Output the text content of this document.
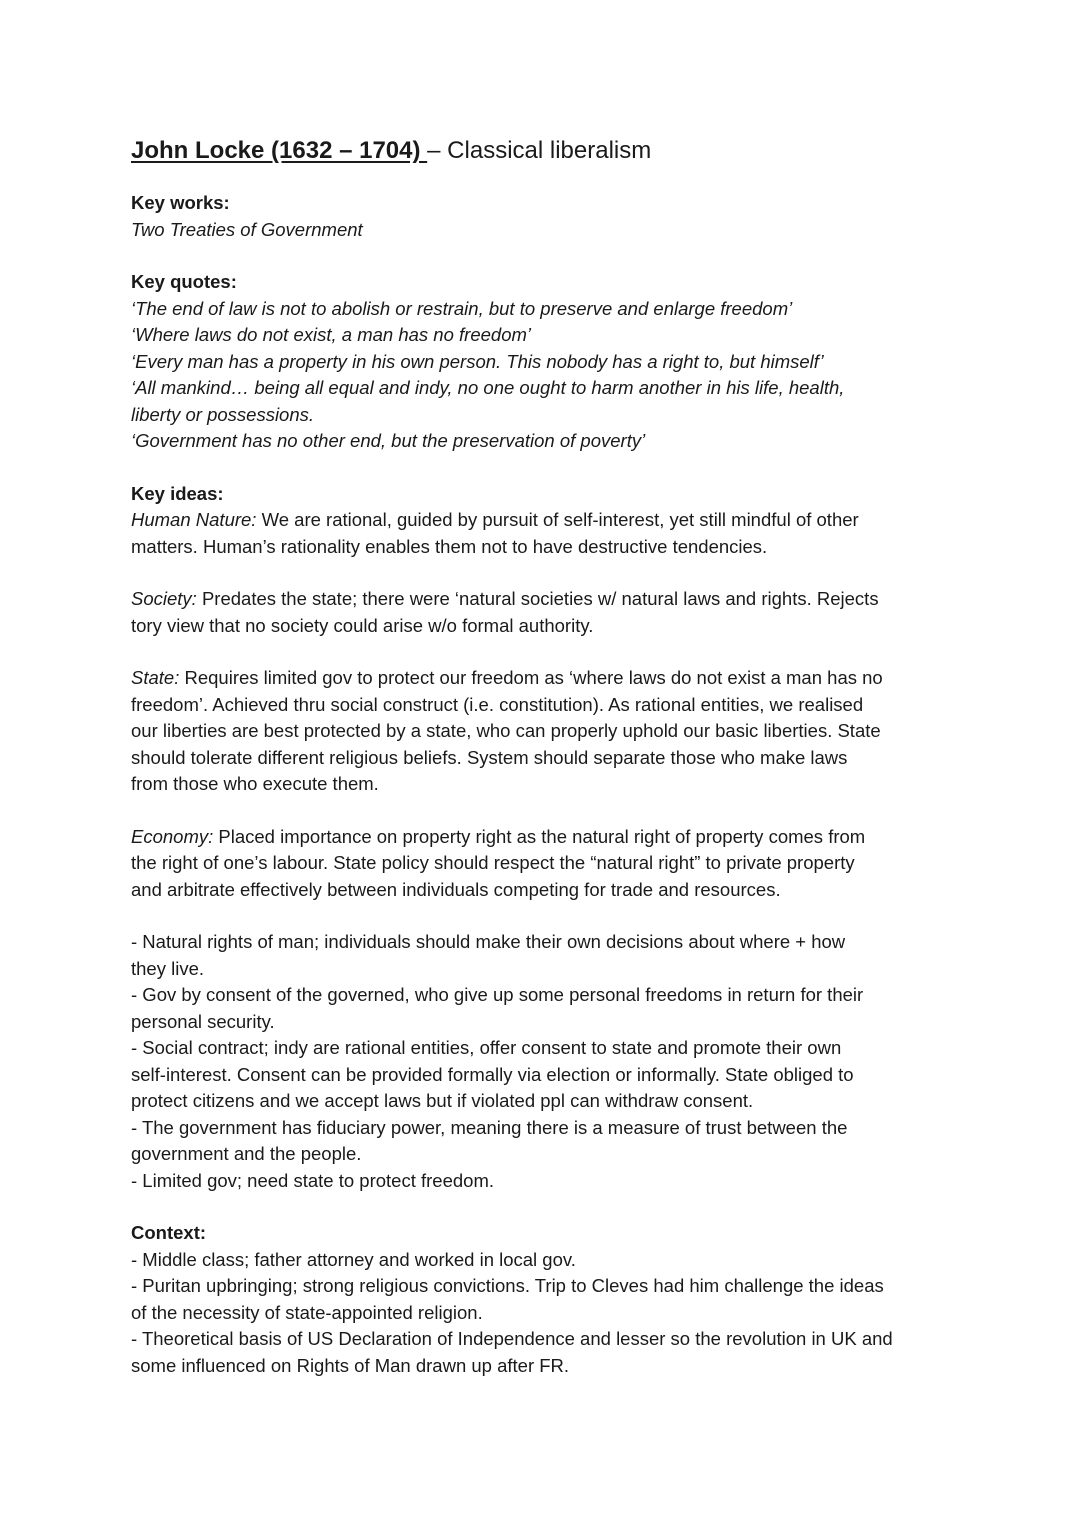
John Locke (1632 – 1704) – Classical liberalism
Key works:
Two Treaties of Government
Key quotes:
‘The end of law is not to abolish or restrain, but to preserve and enlarge freedom’
‘Where laws do not exist, a man has no freedom’
‘Every man has a property in his own person. This nobody has a right to, but himself’
‘All mankind… being all equal and indy, no one ought to harm another in his life, health,
liberty or possessions.
‘Government has no other end, but the preservation of poverty’
Key ideas:
Human Nature: We are rational, guided by pursuit of self-interest, yet still mindful of other
matters. Human’s rationality enables them not to have destructive tendencies.
Society: Predates the state; there were ‘natural societies w/ natural laws and rights. Rejects
tory view that no society could arise w/o formal authority.
State: Requires limited gov to protect our freedom as ‘where laws do not exist a man has no
freedom’. Achieved thru social construct (i.e. constitution). As rational entities, we realised
our liberties are best protected by a state, who can properly uphold our basic liberties. State
should tolerate different religious beliefs. System should separate those who make laws
from those who execute them.
Economy: Placed importance on property right as the natural right of property comes from
the right of one’s labour. State policy should respect the “natural right” to private property
and arbitrate effectively between individuals competing for trade and resources.
- Natural rights of man; individuals should make their own decisions about where + how
they live.
- Gov by consent of the governed, who give up some personal freedoms in return for their
personal security.
- Social contract; indy are rational entities, offer consent to state and promote their own
self-interest. Consent can be provided formally via election or informally. State obliged to
protect citizens and we accept laws but if violated ppl can withdraw consent.
- The government has fiduciary power, meaning there is a measure of trust between the
government and the people.
- Limited gov; need state to protect freedom.
Context:
- Middle class; father attorney and worked in local gov.
- Puritan upbringing; strong religious convictions. Trip to Cleves had him challenge the ideas
of the necessity of state-appointed religion.
- Theoretical basis of US Declaration of Independence and lesser so the revolution in UK and
some influenced on Rights of Man drawn up after FR.
